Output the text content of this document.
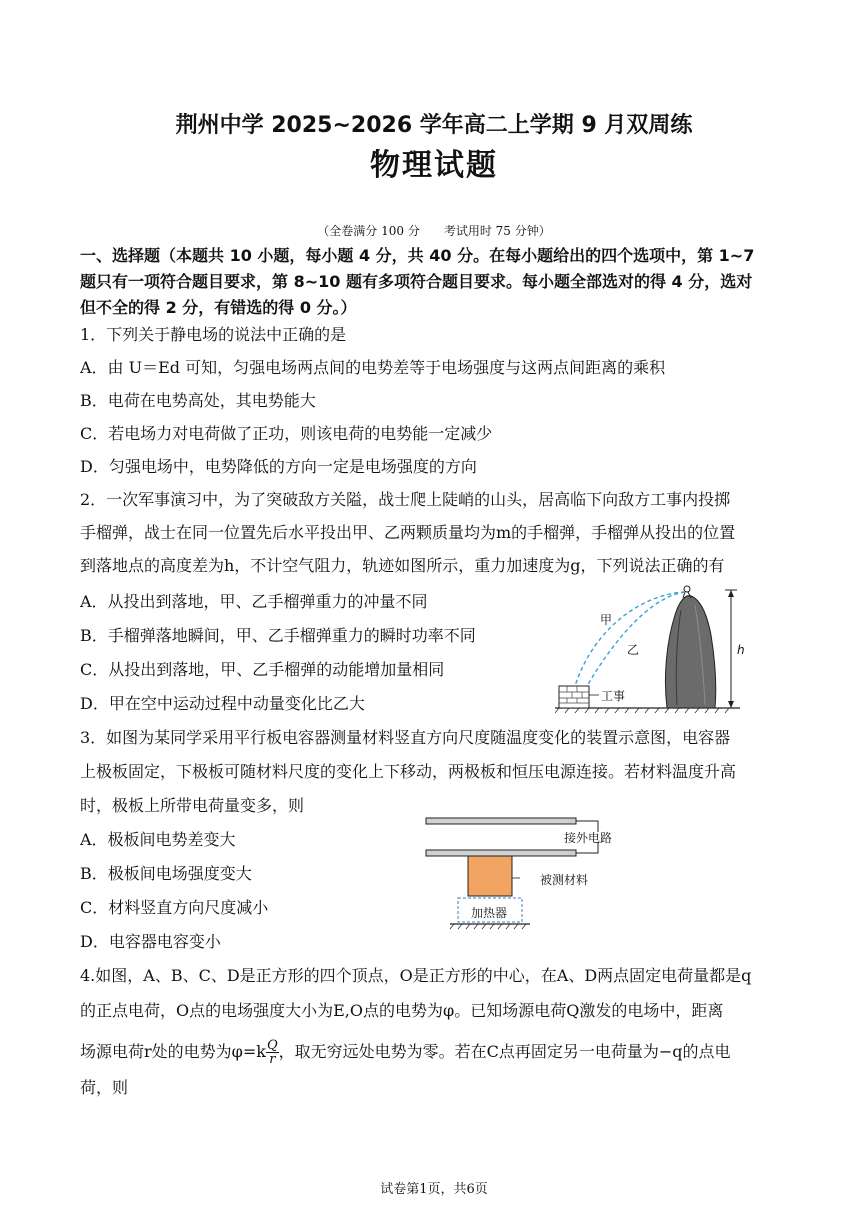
荆州中学 2025~2026 学年高二上学期 9 月双周练
物理试题
（全卷满分 100 分　　考试用时 75 分钟）
一、选择题（本题共 10 小题，每小题 4 分，共 40 分。在每小题给出的四个选项中，第 1~7
题只有一项符合题目要求，第 8~10 题有多项符合题目要求。每小题全部选对的得 4 分，选对
但不全的得 2 分，有错选的得 0 分。）
1．下列关于静电场的说法中正确的是
A．由 U＝Ed 可知，匀强电场两点间的电势差等于电场强度与这两点间距离的乘积
B．电荷在电势高处，其电势能大
C．若电场力对电荷做了正功，则该电荷的电势能一定减少
D．匀强电场中，电势降低的方向一定是电场强度的方向
2．一次军事演习中，为了突破敌方关隘，战士爬上陡峭的山头，居高临下向敌方工事内投掷
手榴弹，战士在同一位置先后水平投出甲、乙两颗质量均为m的手榴弹，手榴弹从投出的位置
到落地点的高度差为h，不计空气阻力，轨迹如图所示，重力加速度为g，下列说法正确的有
A．从投出到落地，甲、乙手榴弹重力的冲量不同
B．手榴弹落地瞬间，甲、乙手榴弹重力的瞬时功率不同
C．从投出到落地，甲、乙手榴弹的动能增加量相同
D．甲在空中运动过程中动量变化比乙大
甲
乙	h
工事
3．如图为某同学采用平行板电容器测量材料竖直方向尺度随温度变化的装置示意图，电容器
上极板固定，下极板可随材料尺度的变化上下移动，两极板和恒压电源连接。若材料温度升高
时，极板上所带电荷量变多，则
A．极板间电势差变大
B．极板间电场强度变大
C．材料竖直方向尺度减小
D．电容器电容变小
接外电路
被测材料
加热器
4.如图，A、B、C、D是正方形的四个顶点，O是正方形的中心，在A、D两点固定电荷量都是q
的正点电荷，O点的电场强度大小为E,O点的电势为φ。已知场源电荷Q激发的电场中，距离
场源电荷r处的电势为$\varphi=k \frac{Q}{r}$ ，取无穷远处电势为零。若在C点再固定另一电荷量为−q的点电
荷，则
试卷第1页，共6页
